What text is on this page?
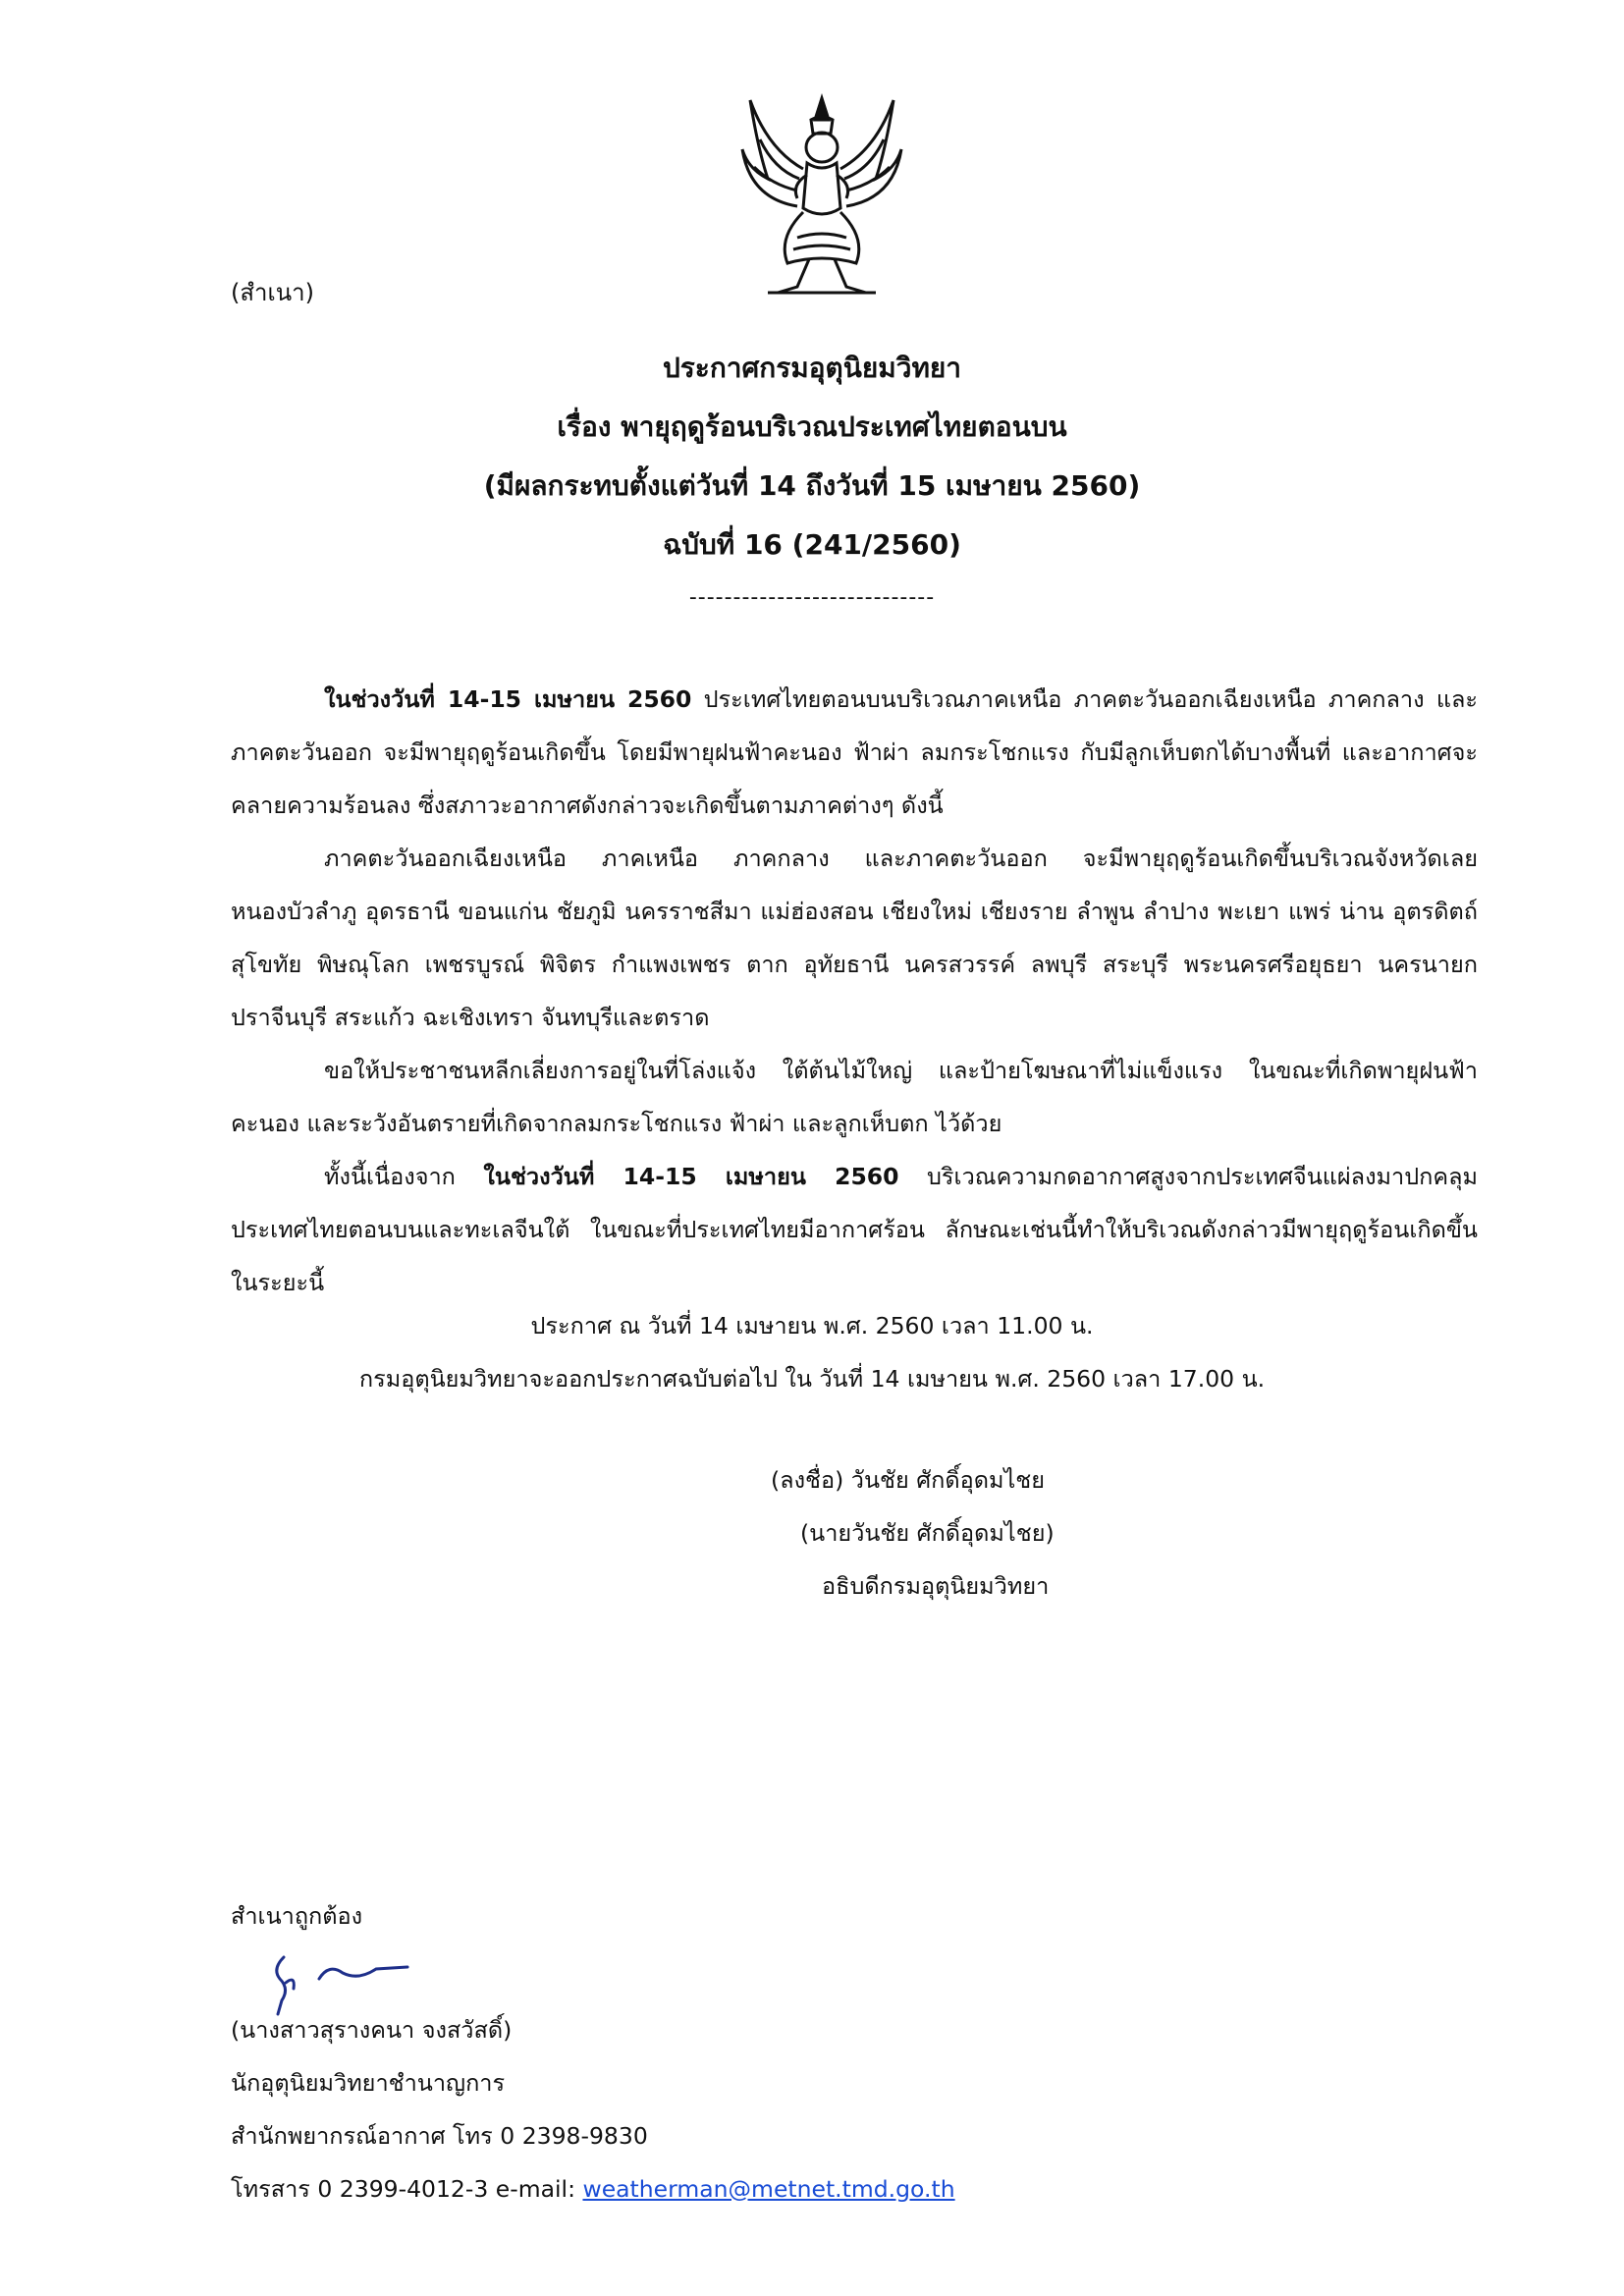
(สำเนา)
ประกาศกรมอุตุนิยมวิทยา
เรื่อง พายุฤดูร้อนบริเวณประเทศไทยตอนบน
(มีผลกระทบตั้งแต่วันที่ 14 ถึงวันที่ 15 เมษายน 2560)
ฉบับที่ 16 (241/2560)
----------------------------

ในช่วงวันที่ 14-15 เมษายน 2560 ประเทศไทยตอนบนบริเวณภาคเหนือ ภาคตะวันออกเฉียงเหนือ ภาคกลาง และภาคตะวันออก จะมีพายุฤดูร้อนเกิดขึ้น โดยมีพายุฝนฟ้าคะนอง ฟ้าผ่า ลมกระโชกแรง กับมีลูกเห็บตกได้บางพื้นที่ และอากาศจะคลายความร้อนลง ซึ่งสภาวะอากาศดังกล่าวจะเกิดขึ้นตามภาคต่างๆ ดังนี้

ภาคตะวันออกเฉียงเหนือ ภาคเหนือ ภาคกลาง และภาคตะวันออก จะมีพายุฤดูร้อนเกิดขึ้นบริเวณจังหวัดเลย หนองบัวลำภู อุดรธานี ขอนแก่น ชัยภูมิ นครราชสีมา แม่ฮ่องสอน เชียงใหม่ เชียงราย ลำพูน ลำปาง พะเยา แพร่ น่าน อุตรดิตถ์ สุโขทัย พิษณุโลก เพชรบูรณ์ พิจิตร กำแพงเพชร ตาก อุทัยธานี นครสวรรค์ ลพบุรี สระบุรี พระนครศรีอยุธยา นครนายก ปราจีนบุรี สระแก้ว ฉะเชิงเทรา จันทบุรีและตราด

ขอให้ประชาชนหลีกเลี่ยงการอยู่ในที่โล่งแจ้ง ใต้ต้นไม้ใหญ่ และป้ายโฆษณาที่ไม่แข็งแรง ในขณะที่เกิดพายุฝนฟ้าคะนอง และระวังอันตรายที่เกิดจากลมกระโชกแรง ฟ้าผ่า และลูกเห็บตก ไว้ด้วย

ทั้งนี้เนื่องจาก ในช่วงวันที่ 14-15 เมษายน 2560 บริเวณความกดอากาศสูงจากประเทศจีนแผ่ลงมาปกคลุมประเทศไทยตอนบนและทะเลจีนใต้ ในขณะที่ประเทศไทยมีอากาศร้อน ลักษณะเช่นนี้ทำให้บริเวณดังกล่าวมีพายุฤดูร้อนเกิดขึ้นในระยะนี้

ประกาศ ณ วันที่ 14 เมษายน พ.ศ. 2560 เวลา 11.00 น.
กรมอุตุนิยมวิทยาจะออกประกาศฉบับต่อไป ใน วันที่ 14 เมษายน พ.ศ. 2560 เวลา 17.00 น.
(ลงชื่อ) วันชัย ศักดิ์อุดมไชย
(นายวันชัย ศักดิ์อุดมไชย)
อธิบดีกรมอุตุนิยมวิทยา
สำเนาถูกต้อง
(นางสาวสุรางคนา จงสวัสดิ์)
นักอุตุนิยมวิทยาชำนาญการ
สำนักพยากรณ์อากาศ โทร 0 2398-9830
โทรสาร 0 2399-4012-3 e-mail: weatherman@metnet.tmd.go.th
